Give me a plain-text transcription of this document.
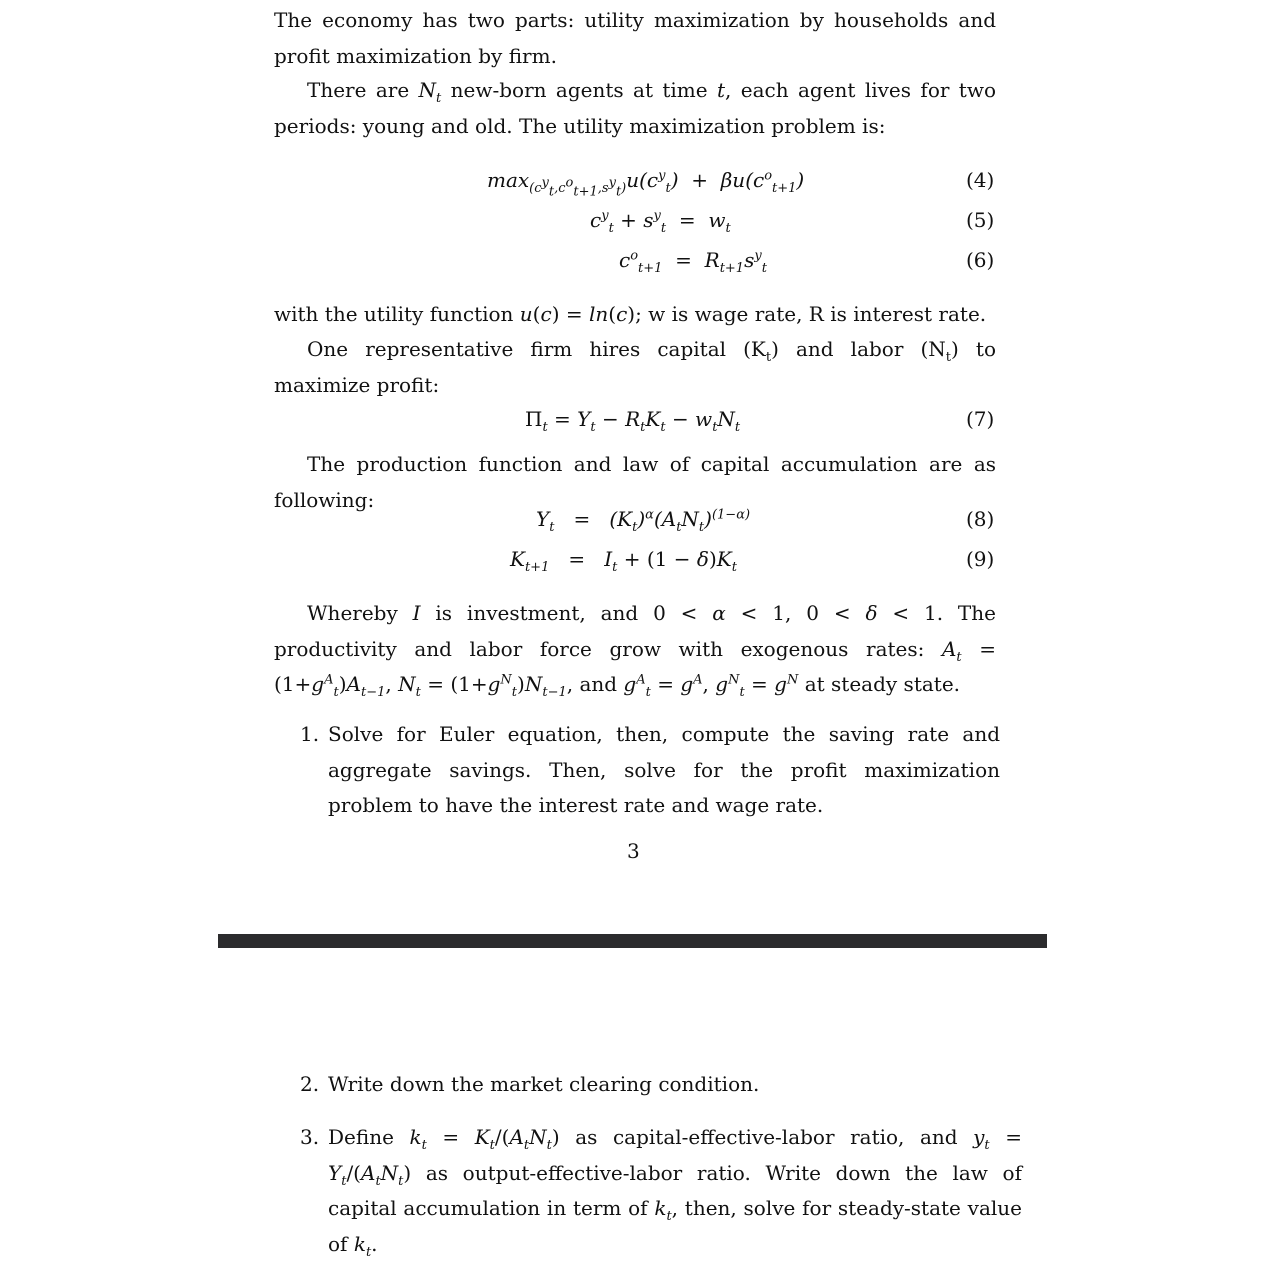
The economy has two parts: utility maximization by households and profit maximization by firm.
There are $N_t$ new-born agents at time t, each agent lives for two periods: young and old. The utility maximization problem is:
$\max_{(c^y_t,c^o_{t+1},s^y_t)}u(c^y_t) + \beta u(c^o_{t+1})$	(4)
$c^y_t + s^y_t = w_t$	(5)
$c^o_{t+1} = R_{t+1}s^y_t$	(6)
with the utility function u(c) = ln(c); w is wage rate, R is interest rate.
One representative firm hires capital $(K_t)$ and labor $(N_t)$ to maximize profit:
$\Pi_t = Y_t - R_tK_t - w_tN_t$	(7)
The production function and law of capital accumulation are as following:
$Y_t = (K_t)^\alpha(A_tN_t)^{(1-\alpha)}$	(8)
$K_{t+1} = I_t + (1 - \delta)K_t$	(9)
Whereby I is investment, and 0 < α < 1, 0 < δ < 1. The productivity and labor force grow with exogenous rates: $A_t = (1+g^A_t)A_{t-1}$, $N_t = (1+g^N_t)N_{t-1}$, and $g^A_t = g^A$, $g^N_t = g^N$ at steady state.
1. Solve for Euler equation, then, compute the saving rate and aggregate savings. Then, solve for the profit maximization problem to have the interest rate and wage rate.
3
2. Write down the market clearing condition.
3. Define $k_t = K_t/(A_tN_t)$ as capital-effective-labor ratio, and $y_t = Y_t/(A_tN_t)$ as output-effective-labor ratio. Write down the law of capital accumulation in term of $k_t$, then, solve for steady-state value of $k_t$.
